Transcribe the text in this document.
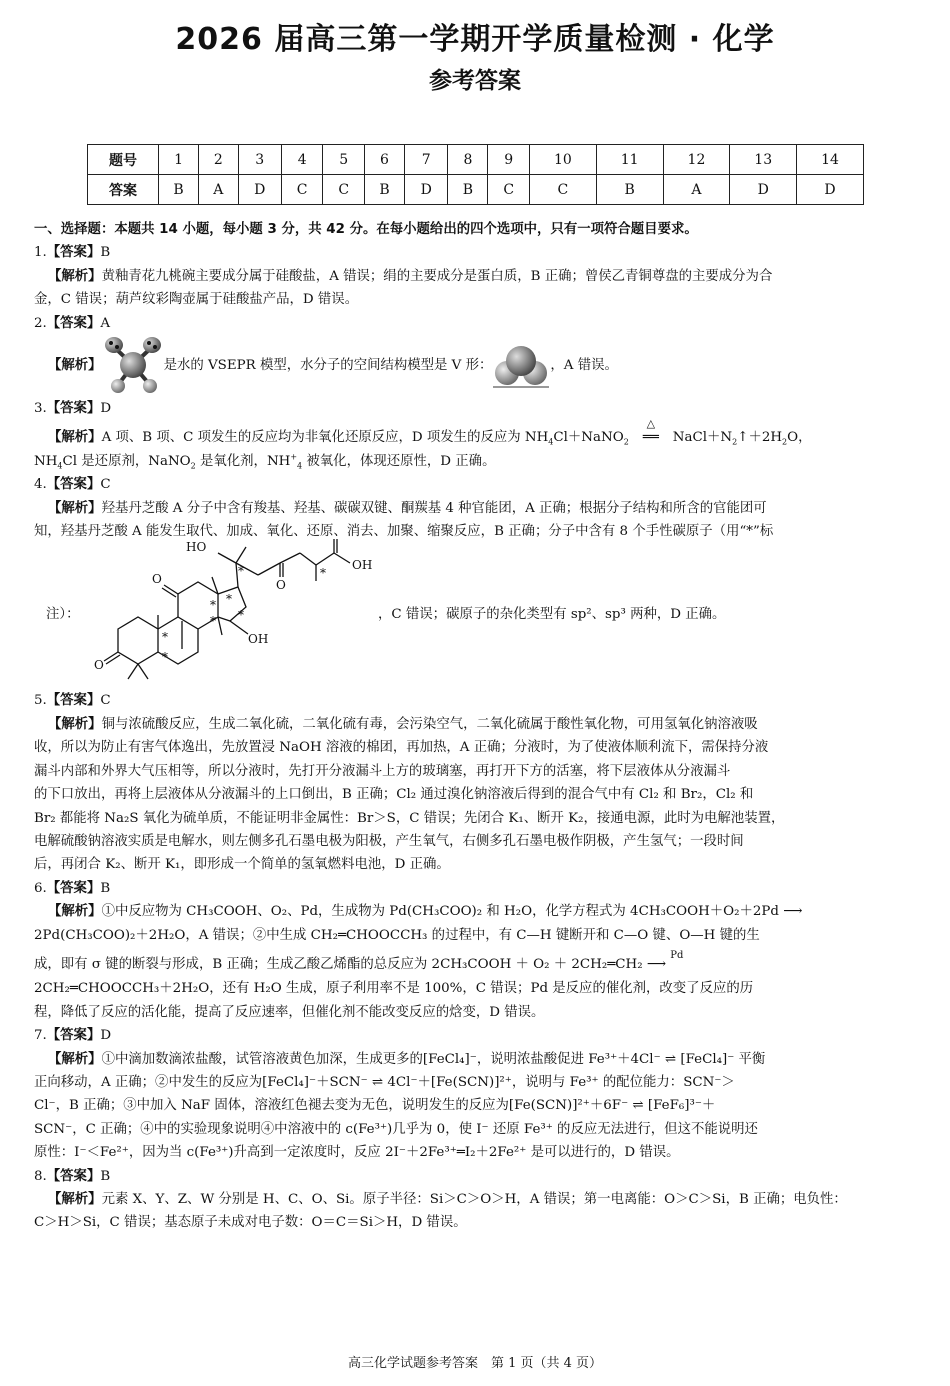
2026 届高三第一学期开学质量检测 · 化学
参考答案
题号	1	2	3	4	5	6	7	8	9	10	11	12	13	14
答案	B	A	D	C	C	B	D	B	C	C	B	A	D	D

一、选择题：本题共 14 小题，每小题 3 分，共 42 分。在每小题给出的四个选项中，只有一项符合题目要求。

1.【答案】B

【解析】黄釉青花九桃碗主要成分属于硅酸盐，A 错误；绢的主要成分是蛋白质，B 正确；曾侯乙青铜尊盘的主要成分为合

金，C 错误；葫芦纹彩陶壶属于硅酸盐产品，D 错误。

2.【答案】A

【解析】	是水的 VSEPR 模型，水分子的空间结构模型是 V 形：	，A 错误。

3.【答案】D

【解析】A 项、B 项、C 项发生的反应均为非氧化还原反应，D 项发生的反应为 $NH_4Cl+NaNO_2$
△
══ $NaCl+N_2↑+2H_2O$，

$NH_4Cl$ 是还原剂，NaNO$_2$ 是氧化剂，$NH^+_4$ 被氧化，体现还原性，D 正确。

4.【答案】C

【解析】羟基丹芝酸 A 分子中含有羧基、羟基、碳碳双键、酮羰基 4 种官能团，A 正确；根据分子结构和所含的官能团可

知，羟基丹芝酸 A 能发生取代、加成、氧化、还原、消去、加聚、缩聚反应，B 正确；分子中含有 8 个手性碳原子（用“*”标

注）：
HO
OH
OH
O
O	O
*	*
*
*
*
*
*
*
，C 错误；碳原子的杂化类型有 sp²、sp³ 两种，D 正确。

5.【答案】C

【解析】铜与浓硫酸反应，生成二氧化硫，二氧化硫有毒，会污染空气，二氧化硫属于酸性氧化物，可用氢氧化钠溶液吸

收，所以为防止有害气体逸出，先放置浸 NaOH 溶液的棉团，再加热，A 正确；分液时，为了使液体顺利流下，需保持分液

漏斗内部和外界大气压相等，所以分液时，先打开分液漏斗上方的玻璃塞，再打开下方的活塞，将下层液体从分液漏斗

的下口放出，再将上层液体从分液漏斗的上口倒出，B 正确；Cl₂ 通过溴化钠溶液后得到的混合气中有 Cl₂ 和 Br₂，Cl₂ 和

Br₂ 都能将 Na₂S 氧化为硫单质，不能证明非金属性：Br＞S，C 错误；先闭合 K₁、断开 K₂，接通电源，此时为电解池装置，

电解硫酸钠溶液实质是电解水，则左侧多孔石墨电极为阳极，产生氧气，右侧多孔石墨电极作阴极，产生氢气；一段时间

后，再闭合 K₂、断开 K₁，即形成一个简单的氢氧燃料电池，D 正确。

6.【答案】B

【解析】①中反应物为 CH₃COOH、O₂、Pd，生成物为 Pd(CH₃COO)₂ 和 H₂O，化学方程式为 4CH₃COOH＋O₂＋2Pd ⟶

2Pd(CH₃COO)₂＋2H₂O，A 错误；②中生成 CH₂═CHOOCCH₃ 的过程中，有 C—H 键断开和 C—O 键、O—H 键的生

成，即有 σ 键的断裂与形成，B 正确；生成乙酸乙烯酯的总反应为 2CH₃COOH ＋ O₂ ＋ 2CH₂═CH₂ ⟶ $^{Pd}$

2CH₂═CHOOCCH₃＋2H₂O，还有 H₂O 生成，原子利用率不是 100%，C 错误；Pd 是反应的催化剂，改变了反应的历

程，降低了反应的活化能，提高了反应速率，但催化剂不能改变反应的焓变，D 错误。

7.【答案】D

【解析】①中滴加数滴浓盐酸，试管溶液黄色加深，生成更多的[FeCl₄]⁻，说明浓盐酸促进 Fe³⁺＋4Cl⁻ ⇌ [FeCl₄]⁻ 平衡

正向移动，A 正确；②中发生的反应为[FeCl₄]⁻＋SCN⁻ ⇌ 4Cl⁻＋[Fe(SCN)]²⁺，说明与 Fe³⁺ 的配位能力：SCN⁻＞

Cl⁻，B 正确；③中加入 NaF 固体，溶液红色褪去变为无色，说明发生的反应为[Fe(SCN)]²⁺＋6F⁻ ⇌ [FeF₆]³⁻＋

SCN⁻，C 正确；④中的实验现象说明④中溶液中的 c(Fe³⁺)几乎为 0，使 I⁻ 还原 Fe³⁺ 的反应无法进行，但这不能说明还

原性：I⁻＜Fe²⁺，因为当 c(Fe³⁺)升高到一定浓度时，反应 2I⁻＋2Fe³⁺═I₂＋2Fe²⁺ 是可以进行的，D 错误。

8.【答案】B

【解析】元素 X、Y、Z、W 分别是 H、C、O、Si。原子半径：Si＞C＞O＞H，A 错误；第一电离能：O＞C＞Si，B 正确；电负性：

C＞H＞Si，C 错误；基态原子未成对电子数：O＝C＝Si＞H，D 错误。

高三化学试题参考答案　第 1 页（共 4 页）
